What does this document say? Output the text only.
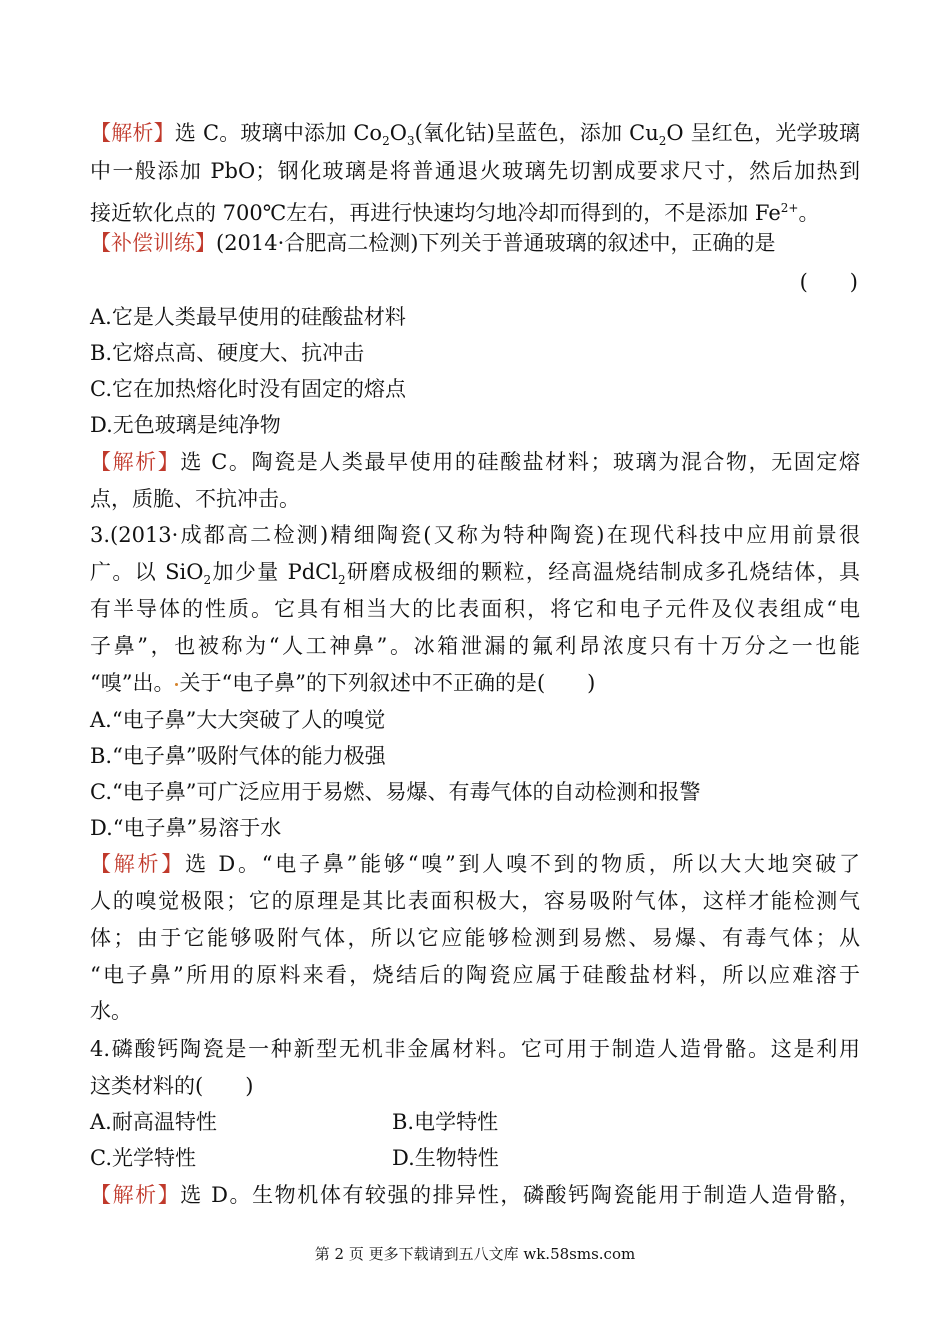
【解析】选 C。玻璃中添加 $Co_2O_3$(氧化钴)呈蓝色，添加 $Cu_2O$ 呈红色，光学玻璃
中一般添加 PbO；钢化玻璃是将普通退火玻璃先切割成要求尺寸，然后加热到
接近软化点的 700℃左右，再进行快速均匀地冷却而得到的，不是添加 $Fe^{2+}$。
【补偿训练】(2014·合肥高二检测)下列关于普通玻璃的叙述中，正确的是
(　　)
A.它是人类最早使用的硅酸盐材料
B.它熔点高、硬度大、抗冲击
C.它在加热熔化时没有固定的熔点
D.无色玻璃是纯净物
【解析】选 C。陶瓷是人类最早使用的硅酸盐材料；玻璃为混合物，无固定熔
点，质脆、不抗冲击。
3.(2013·成都高二检测)精细陶瓷(又称为特种陶瓷)在现代科技中应用前景很
广。以 SiO$_2$加少量 PdCl$_2$研磨成极细的颗粒，经高温烧结制成多孔烧结体，具
有半导体的性质。它具有相当大的比表面积，将它和电子元件及仪表组成“电
子鼻”，也被称为“人工神鼻”。冰箱泄漏的氟利昂浓度只有十万分之一也能
“嗅”出。 关于“电子鼻”的下列叙述中不正确的是(　　)
A.“电子鼻”大大突破了人的嗅觉
B.“电子鼻”吸附气体的能力极强
C.“电子鼻”可广泛应用于易燃、易爆、有毒气体的自动检测和报警
D.“电子鼻”易溶于水
【解析】选 D。“电子鼻”能够“嗅”到人嗅不到的物质，所以大大地突破了
人的嗅觉极限；它的原理是其比表面积极大，容易吸附气体，这样才能检测气
体；由于它能够吸附气体，所以它应能够检测到易燃、易爆、有毒气体；从
“电子鼻”所用的原料来看，烧结后的陶瓷应属于硅酸盐材料，所以应难溶于
水。
4.磷酸钙陶瓷是一种新型无机非金属材料。它可用于制造人造骨骼。这是利用
这类材料的(　　)
A.耐高温特性	B.电学特性
C.光学特性	D.生物特性
【解析】选 D。生物机体有较强的排异性，磷酸钙陶瓷能用于制造人造骨骼，
第 2 页 更多下载请到五八文库 wk.58sms.com
